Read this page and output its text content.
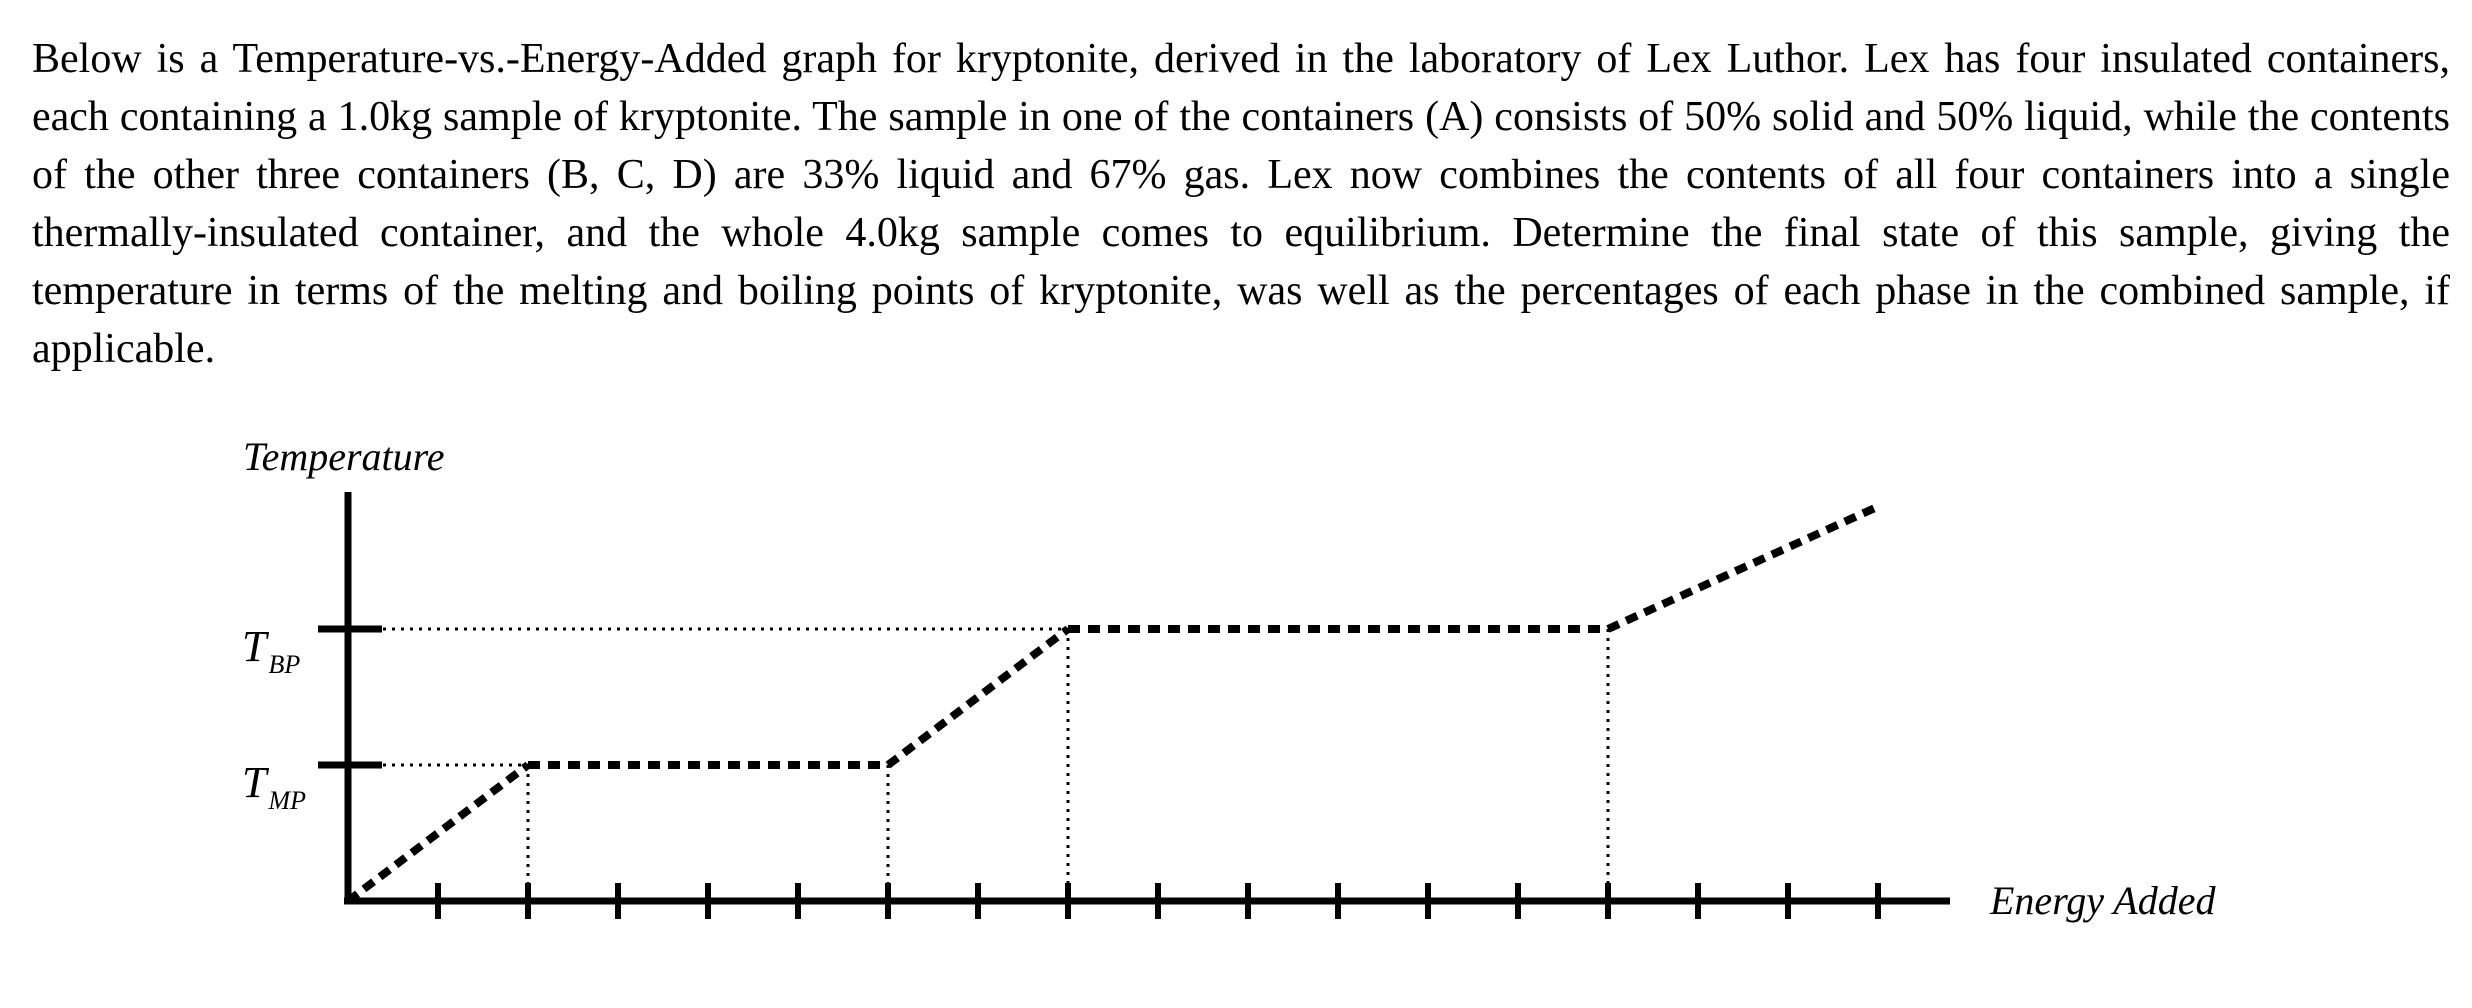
Below is a Temperature-vs.-Energy-Added graph for kryptonite, derived in the laboratory of Lex Luthor. Lex has four insulated containers, each containing a 1.0kg sample of kryptonite. The sample in one of the containers (A) consists of 50% solid and 50% liquid, while the contents of the other three containers (B, C, D) are 33% liquid and 67% gas. Lex now combines the contents of all four containers into a single thermally-insulated container, and the whole 4.0kg sample comes to equilibrium. Determine the final state of this sample, giving the temperature in terms of the melting and boiling points of kryptonite, was well as the percentages of each phase in the combined sample, if applicable.

Temperature
Energy Added
$T_{MP}$
$T_{BP}$
